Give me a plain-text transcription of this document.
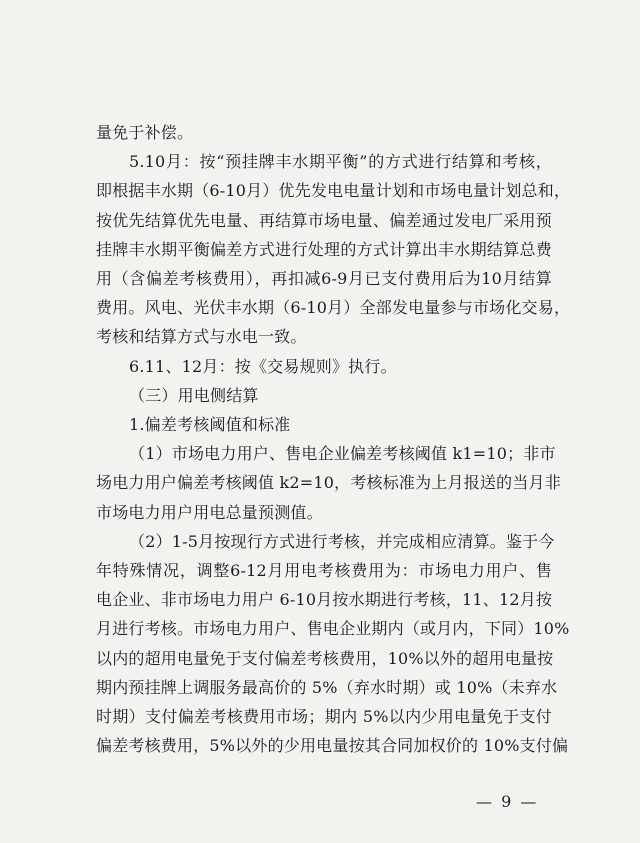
量免于补偿。
5.10月：按“预挂牌丰水期平衡”的方式进行结算和考核，
即根据丰水期（6-10月）优先发电电量计划和市场电量计划总和，
按优先结算优先电量、再结算市场电量、偏差通过发电厂采用预
挂牌丰水期平衡偏差方式进行处理的方式计算出丰水期结算总费
用（含偏差考核费用），再扣减6-9月已支付费用后为10月结算
费用。风电、光伏丰水期（6-10月）全部发电量参与市场化交易，
考核和结算方式与水电一致。
6.11、12月：按《交易规则》执行。
（三）用电侧结算
1.偏差考核阈值和标准
（1）市场电力用户、售电企业偏差考核阈值 k1=10；非市
场电力用户偏差考核阈值 k2=10，考核标准为上月报送的当月非
市场电力用户用电总量预测值。
（2）1-5月按现行方式进行考核，并完成相应清算。鉴于今
年特殊情况，调整6-12月用电考核费用为：市场电力用户、售
电企业、非市场电力用户 6-10月按水期进行考核，11、12月按
月进行考核。市场电力用户、售电企业期内（或月内，下同）10%
以内的超用电量免于支付偏差考核费用，10%以外的超用电量按
期内预挂牌上调服务最高价的 5%（弃水时期）或 10%（未弃水
时期）支付偏差考核费用市场；期内 5%以内少用电量免于支付
偏差考核费用，5%以外的少用电量按其合同加权价的 10%支付偏
— 9 —
